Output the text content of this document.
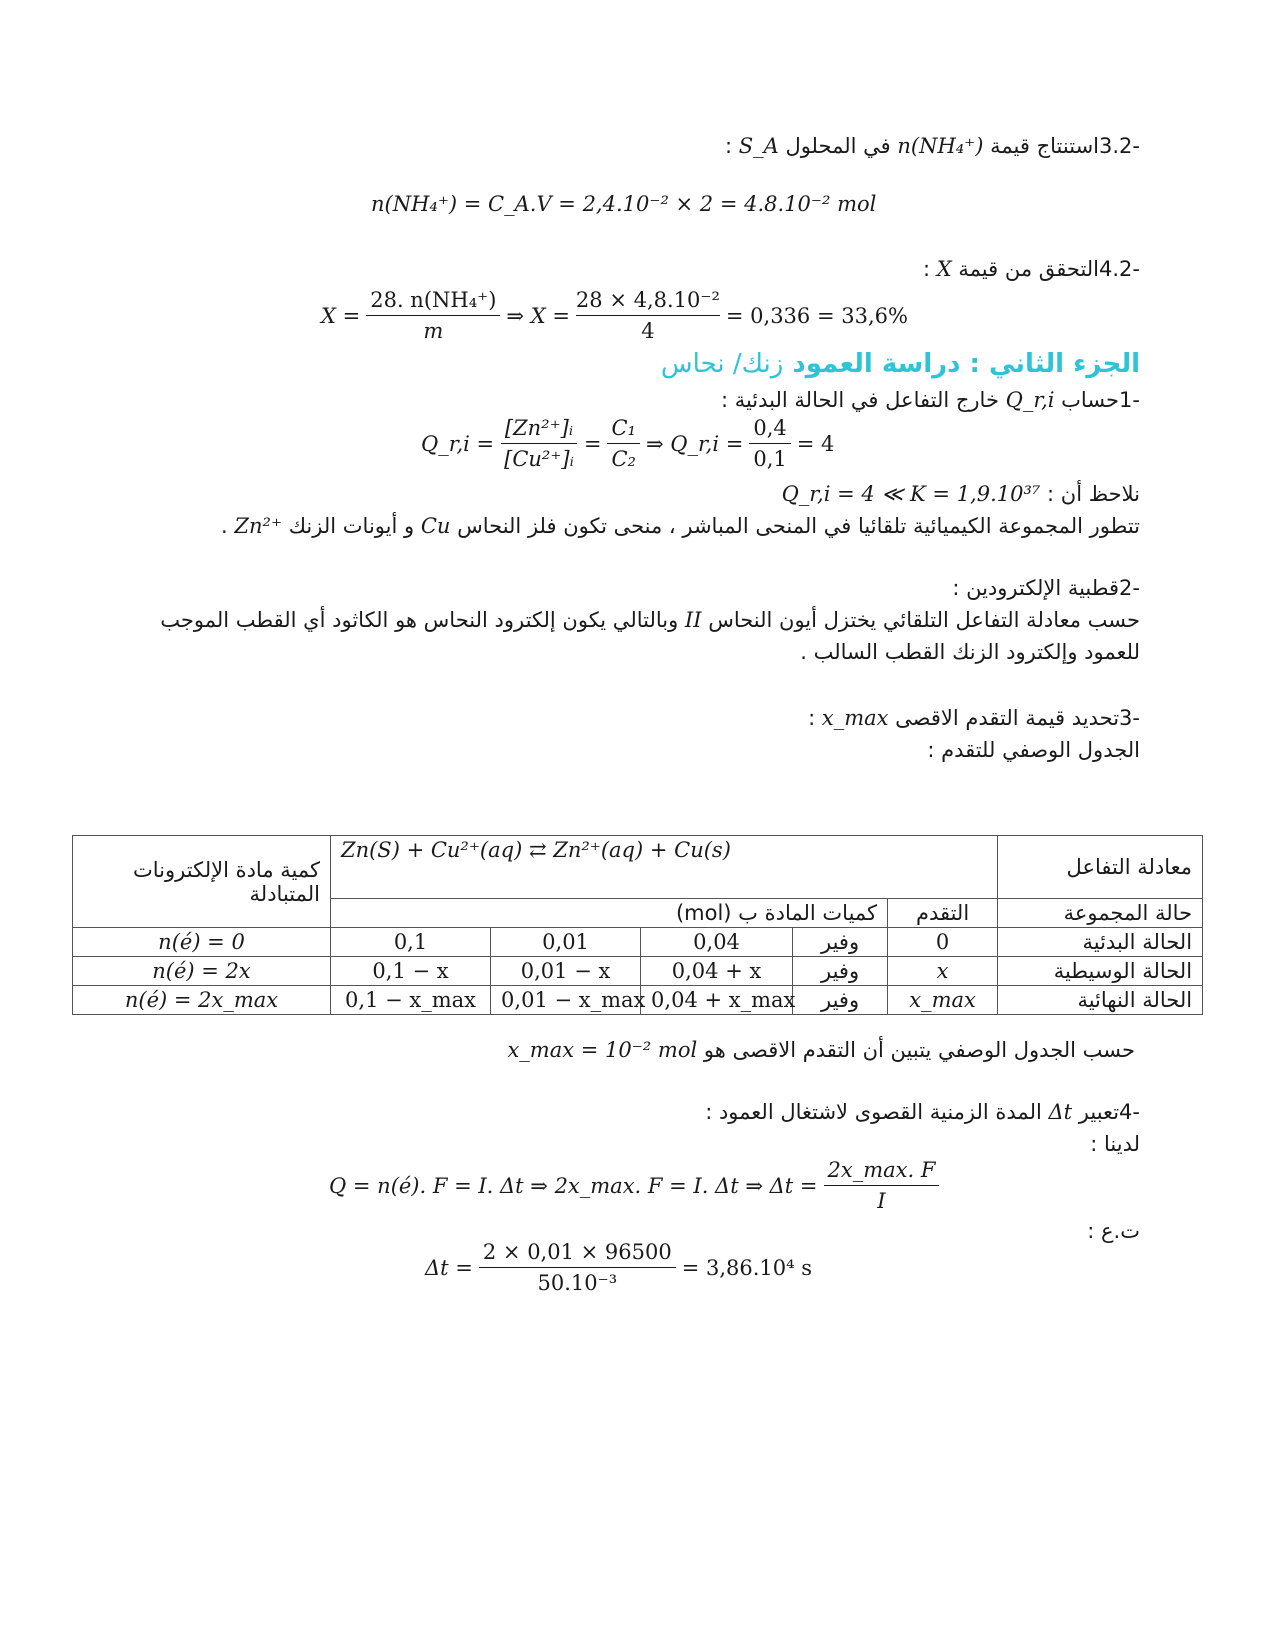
-3.2استنتاج قيمة n(NH₄⁺) في المحلول S_A :
n(NH₄⁺) = C_A.V = 2,4.10⁻² × 2 = 4.8.10⁻² mol
-4.2التحقق من قيمة X :
$X = \frac{\text{28. n(NH₄⁺)}}{m}$ ⇒ $X = \frac{\text{28 × 4,8.10⁻²}}{4} = 0,336 = 33,6\%$
الجزء الثاني : دراسة العمود زنك/ نحاس
-1حساب Q_r,i خارج التفاعل في الحالة البدئية :
Q_r,i = $\frac{\text{[Zn²⁺]ᵢ}}{\text{[Cu²⁺]ᵢ}} = \frac{\text{C₁}}{\text{C₂}}$ ⇒ Q_r,i = $\frac{0,4}{0,1} = 4$
نلاحظ أن : Q_r,i = 4 ≪ K = 1,9.10³⁷
تتطور المجموعة الكيميائية تلقائيا في المنحى المباشر ، منحى تكون فلز النحاس Cu و أيونات الزنك Zn²⁺ .
-2قطبية الإلكترودين :
حسب معادلة التفاعل التلقائي يختزل أيون النحاس II وبالتالي يكون إلكترود النحاس هو الكاثود أي القطب الموجب للعمود وإلكترود الزنك القطب السالب .
-3تحديد قيمة التقدم الاقصى x_max :
الجدول الوصفي للتقدم :
معادلة التفاعل	Zn(S) + Cu²⁺(aq) ⇄ Zn²⁺(aq) + Cu(s)					كمية مادة الإلكترونات المتبادلة
حالة المجموعة	التقدم	كميات المادة ب (mol)				
الحالة البدئية	0	وفير	0,04	0,01	0,1	n(é) = 0
الحالة الوسيطية	x	وفير	0,04 + x	0,01 − x	0,1 − x	n(é) = 2x
الحالة النهائية	x_max	وفير	0,04 + x_max	0,01 − x_max	0,1 − x_max	n(é) = 2x_max
حسب الجدول الوصفي يتبين أن التقدم الاقصى هو x_max = 10⁻² mol
-4تعبير Δt المدة الزمنية القصوى لاشتغال العمود :
لدينا :
Q = n(é). F = I. Δt ⇒ 2x_max. F = I. Δt ⇒ $\Delta t = \frac{2x\_\max. F}{I}$
ت.ع :
$\Delta t = \frac{2 \times 0,01 \times 96500}{\text{50.10⁻³}} = 3,86.10^4$ s
